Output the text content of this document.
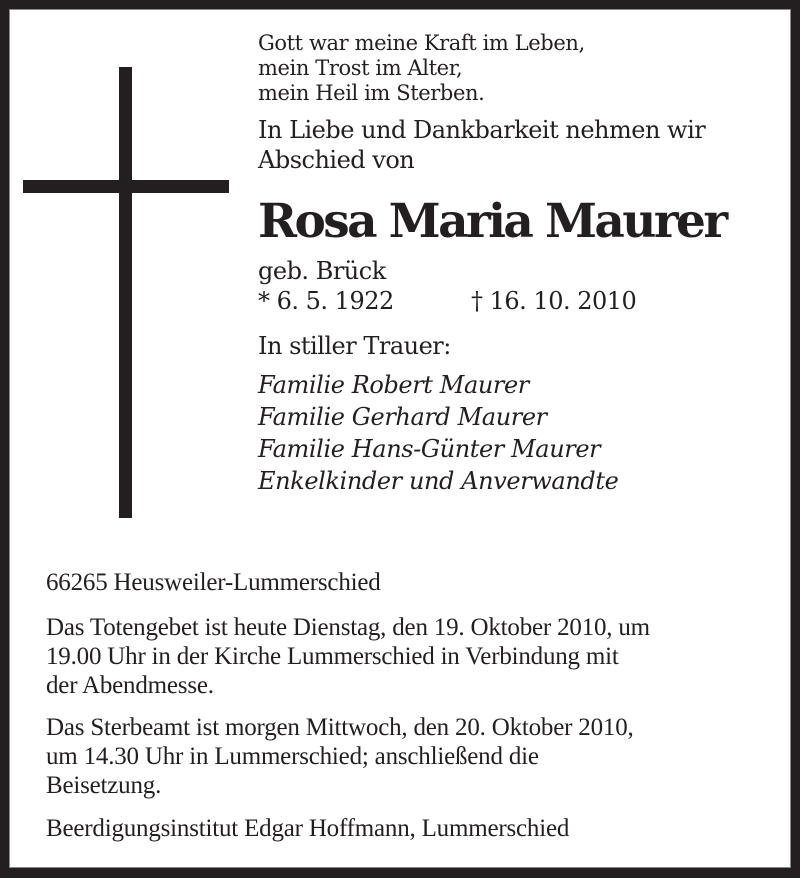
Gott war meine Kraft im Leben,
mein Trost im Alter,
mein Heil im Sterben.
In Liebe und Dankbarkeit nehmen wir
Abschied von
Rosa Maria Maurer
geb. Brück
* 6. 5. 1922	† 16. 10. 2010
In stiller Trauer:
Familie Robert Maurer
Familie Gerhard Maurer
Familie Hans-Günter Maurer
Enkelkinder und Anverwandte
66265 Heusweiler-Lummerschied
Das Totengebet ist heute Dienstag, den 19. Oktober 2010, um
19.00 Uhr in der Kirche Lummerschied in Verbindung mit
der Abendmesse.
Das Sterbeamt ist morgen Mittwoch, den 20. Oktober 2010,
um 14.30 Uhr in Lummerschied; anschließend die
Beisetzung.
Beerdigungsinstitut Edgar Hoffmann, Lummerschied
